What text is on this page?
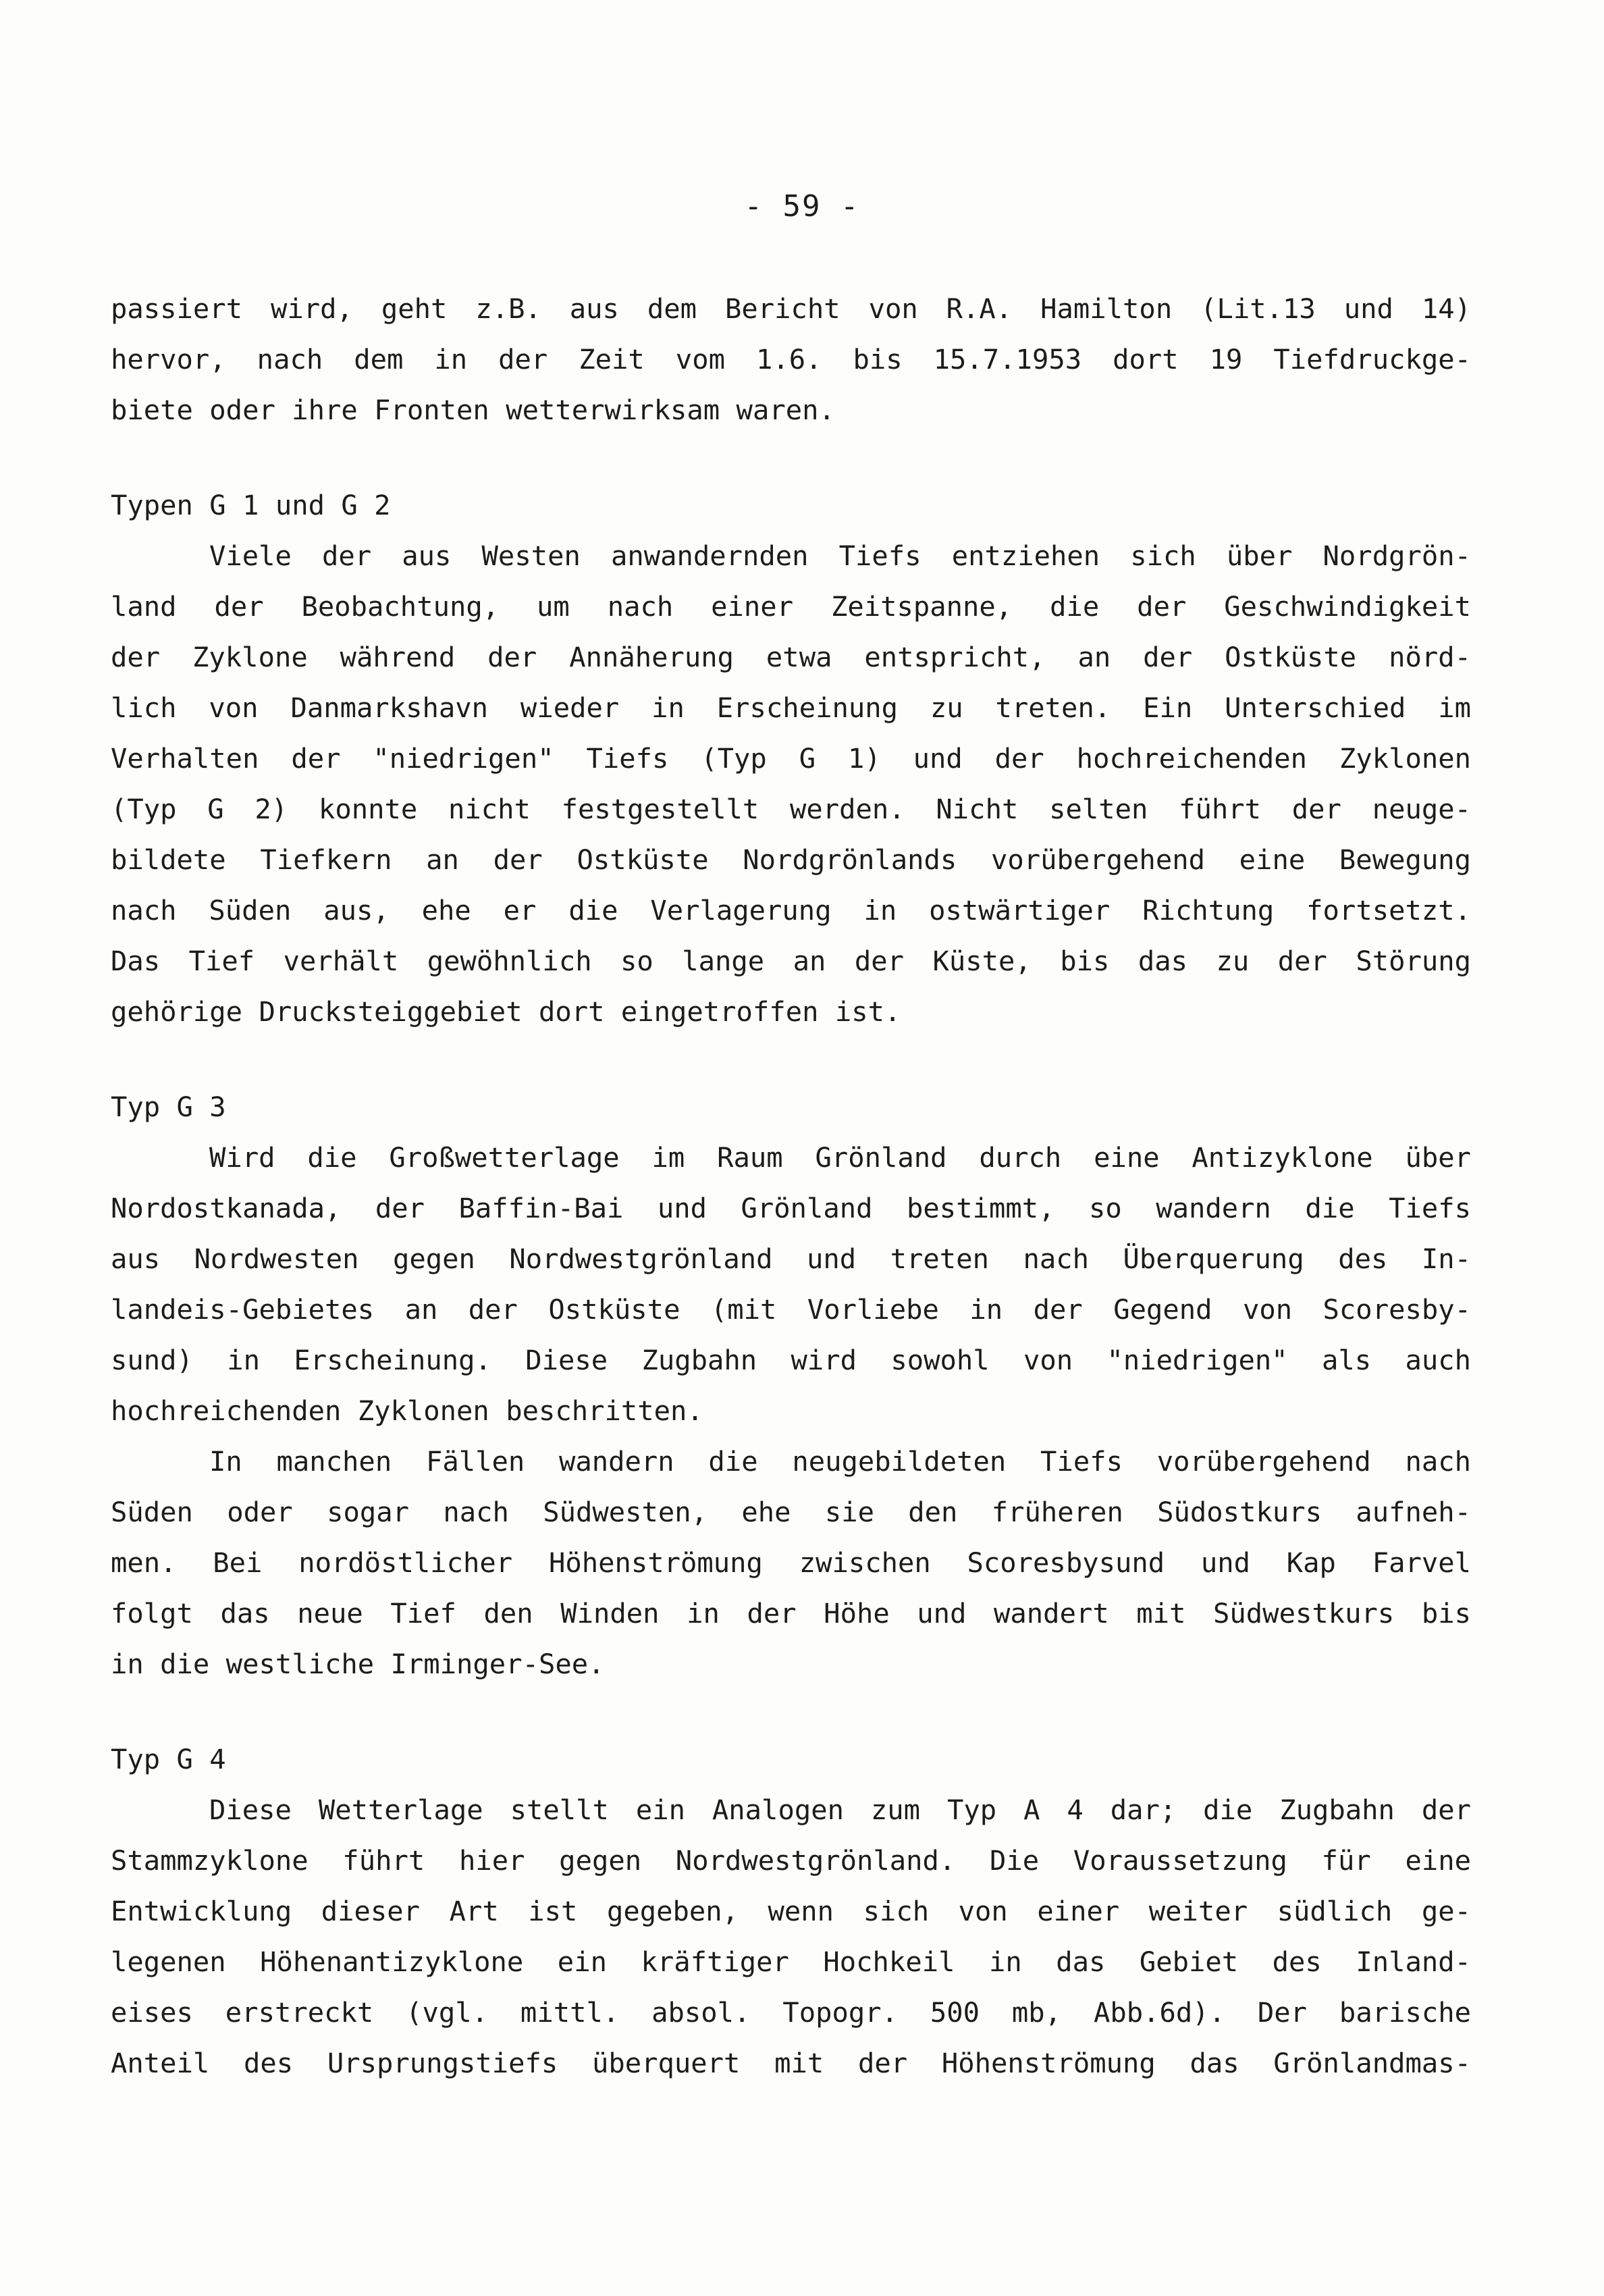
- 59 -
passiert wird, geht z.B. aus dem Bericht von R.A. Hamilton (Lit.13 und 14)
hervor, nach dem in der Zeit vom 1.6. bis 15.7.1953 dort 19 Tiefdruckge-
biete oder ihre Fronten wetterwirksam waren.
Typen G 1 und G 2
Viele der aus Westen anwandernden Tiefs entziehen sich über Nordgrön-
land der Beobachtung, um nach einer Zeitspanne, die der Geschwindigkeit
der Zyklone während der Annäherung etwa entspricht, an der Ostküste nörd-
lich von Danmarkshavn wieder in Erscheinung zu treten. Ein Unterschied im
Verhalten der "niedrigen" Tiefs (Typ G 1) und der hochreichenden Zyklonen
(Typ G 2) konnte nicht festgestellt werden. Nicht selten führt der neuge-
bildete Tiefkern an der Ostküste Nordgrönlands vorübergehend eine Bewegung
nach Süden aus, ehe er die Verlagerung in ostwärtiger Richtung fortsetzt.
Das Tief verhält gewöhnlich so lange an der Küste, bis das zu der Störung
gehörige Drucksteiggebiet dort eingetroffen ist.
Typ G 3
Wird die Großwetterlage im Raum Grönland durch eine Antizyklone über
Nordostkanada, der Baffin-Bai und Grönland bestimmt, so wandern die Tiefs
aus Nordwesten gegen Nordwestgrönland und treten nach Überquerung des In-
landeis-Gebietes an der Ostküste (mit Vorliebe in der Gegend von Scoresby-
sund) in Erscheinung. Diese Zugbahn wird sowohl von "niedrigen" als auch
hochreichenden Zyklonen beschritten.
In manchen Fällen wandern die neugebildeten Tiefs vorübergehend nach
Süden oder sogar nach Südwesten, ehe sie den früheren Südostkurs aufneh-
men. Bei nordöstlicher Höhenströmung zwischen Scoresbysund und Kap Farvel
folgt das neue Tief den Winden in der Höhe und wandert mit Südwestkurs bis
in die westliche Irminger-See.
Typ G 4
Diese Wetterlage stellt ein Analogen zum Typ A 4 dar; die Zugbahn der
Stammzyklone führt hier gegen Nordwestgrönland. Die Voraussetzung für eine
Entwicklung dieser Art ist gegeben, wenn sich von einer weiter südlich ge-
legenen Höhenantizyklone ein kräftiger Hochkeil in das Gebiet des Inland-
eises erstreckt (vgl. mittl. absol. Topogr. 500 mb, Abb.6d). Der barische
Anteil des Ursprungstiefs überquert mit der Höhenströmung das Grönlandmas-
